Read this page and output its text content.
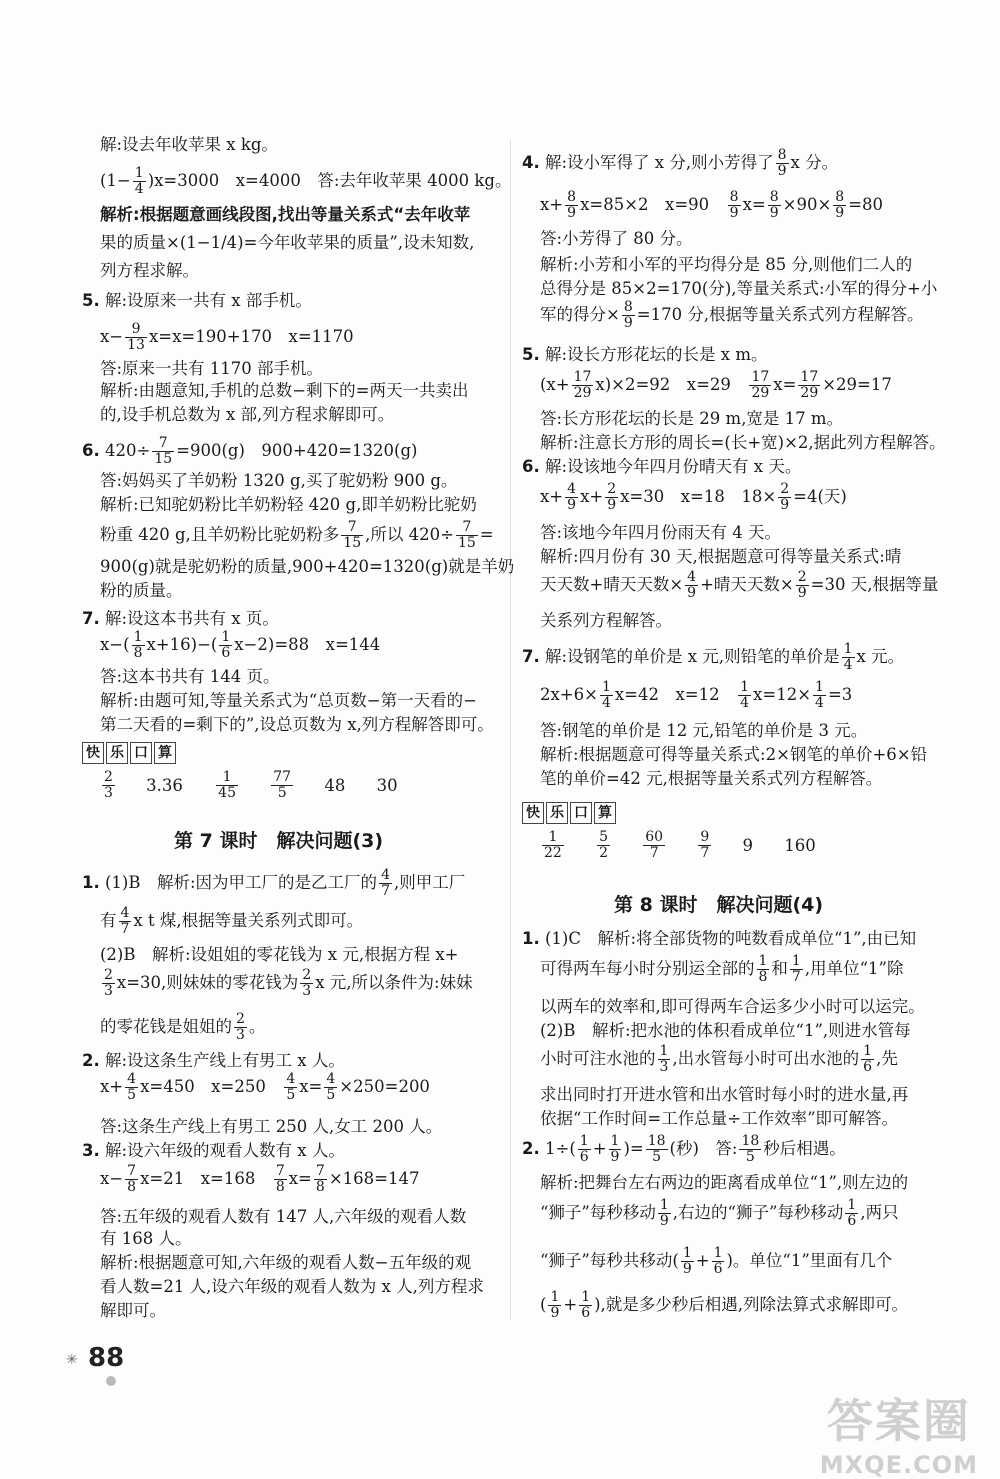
解:设去年收苹果 x kg。
$(1- \frac{1}{4} )x=3000$　x=4000　答:去年收苹果 4000 kg。
解析:根据题意画线段图,找出等量关系式“去年收苹
果的质量×(1−1/4)=今年收苹果的质量”,设未知数,
列方程求解。
5. 解:设原来一共有 x 部手机。
$x- \frac{9}{13} x=x=190+170$　x=1170
答:原来一共有 1170 部手机。
解析:由题意知,手机的总数−剩下的=两天一共卖出
的,设手机总数为 x 部,列方程求解即可。
6. $420\div \frac{7}{15} =900(g)$　900+420=1320(g)
答:妈妈买了羊奶粉 1320 g,买了驼奶粉 900 g。
解析:已知驼奶粉比羊奶粉轻 420 g,即羊奶粉比驼奶
粉重 420 g,且羊奶粉比驼奶粉多 $\frac{7}{15}$ ,所以 $420\div \frac{7}{15}$ =
900(g)就是驼奶粉的质量,900+420=1320(g)就是羊奶
粉的质量。
7. 解:设这本书共有 x 页。
$x-( \frac{1}{8} x+16)-( \frac{1}{6} x-2)=88$　x=144
答:这本书共有 144 页。
解析:由题可知,等量关系式为“总页数−第一天看的−
第二天看的=剩下的”,设总页数为 x,列方程解答即可。
快 乐 口 算
$\frac{2}{3} 3.36 \frac{1}{45}$
$\frac{77}{5} 48$ 30
第 7 课时　解决问题(3)
1. (1)B　解析:因为甲工厂的是乙工厂的 $\frac{4}{7}$ ,则甲工厂
有 $\frac{4}{7}$ x t 煤,根据等量关系列式即可。
(2)B　解析:设姐姐的零花钱为 x 元,根据方程 x+
$\frac{2}{3} x=30$,则妹妹的零花钱为 $\frac{2}{3}$ x 元,所以条件为:妹妹
的零花钱是姐姐的 $\frac{2}{3}$ 。
2. 解:设这条生产线上有男工 x 人。
$x+ \frac{4}{5} x=450$　x=250　 $\frac{4}{5} x= \frac{4}{5} \times 250=200$
答:这条生产线上有男工 250 人,女工 200 人。
3. 解:设六年级的观看人数有 x 人。
$x- \frac{7}{8} x=21$　x=168　 $\frac{7}{8} x= \frac{7}{8} \times 168=147$
答:五年级的观看人数有 147 人,六年级的观看人数
有 168 人。
解析:根据题意可知,六年级的观看人数−五年级的观
看人数=21 人,设六年级的观看人数为 x 人,列方程求
解即可。
4. 解:设小军得了 x 分,则小芳得了 $\frac{8}{9}$ x 分。
$x+ \frac{8}{9} x=85\times 2$　x=90　 $\frac{8}{9} x= \frac{8}{9} \times 90\times \frac{8}{9} =80$
答:小芳得了 80 分。
解析:小芳和小军的平均得分是 85 分,则他们二人的
总得分是 85×2=170(分),等量关系式:小军的得分+小
军的得分× $\frac{8}{9} =170$ 分,根据等量关系式列方程解答。
5. 解:设长方形花坛的长是 x m。
$(x+ \frac{17}{29} x)\times 2=92$　x=29　 $\frac{17}{29} x= \frac{17}{29} \times 29=17$
答:长方形花坛的长是 29 m,宽是 17 m。
解析:注意长方形的周长=(长+宽)×2,据此列方程解答。
6. 解:设该地今年四月份晴天有 x 天。
$x+ \frac{4}{9} x+ \frac{2}{9} x=30$　x=18　$18\times \frac{2}{9} =4$(天)
答:该地今年四月份雨天有 4 天。
解析:四月份有 30 天,根据题意可得等量关系式:晴
天天数+晴天天数× $\frac{4}{9}$ +晴天天数× $\frac{2}{9} =30$ 天,根据等量
关系列方程解答。
7. 解:设钢笔的单价是 x 元,则铅笔的单价是 $\frac{1}{4}$ x 元。
$2x+6\times \frac{1}{4} x=42$　x=12　 $\frac{1}{4} x=12\times \frac{1}{4} =3$
答:钢笔的单价是 12 元,铅笔的单价是 3 元。
解析:根据题意可得等量关系式:2×钢笔的单价+6×铅
笔的单价=42 元,根据等量关系式列方程解答。
快 乐 口 算
$\frac{1}{22}$
$\frac{5}{2}$
$\frac{60}{7}$
$\frac{9}{7} 9$ 160
第 8 课时　解决问题(4)
1. (1)C　解析:将全部货物的吨数看成单位“1”,由已知
可得两车每小时分别运全部的 $\frac{1}{8}$ 和 $\frac{1}{7}$ ,用单位“1”除
以两车的效率和,即可得两车合运多少小时可以运完。
(2)B　解析:把水池的体积看成单位“1”,则进水管每
小时可注水池的 $\frac{1}{3}$ ,出水管每小时可出水池的 $\frac{1}{6}$ ,先
求出同时打开进水管和出水管时每小时的进水量,再
依据“工作时间=工作总量÷工作效率”即可解答。
2. $1\div( \frac{1}{6} + \frac{1}{9}$ )= $\frac{18}{5}$ (秒)　答: $\frac{18}{5}$ 秒后相遇。
解析:把舞台左右两边的距离看成单位“1”,则左边的
“狮子”每秒移动 $\frac{1}{9}$ ,右边的“狮子”每秒移动 $\frac{1}{6}$ ,两只
“狮子”每秒共移动( $\frac{1}{9} + \frac{1}{6}$ )。单位“1”里面有几个
( $\frac{1}{9} + \frac{1}{6}$ ),就是多少秒后相遇,列除法算式求解即可。
✳ 88
答案圈
MXQE.COM
